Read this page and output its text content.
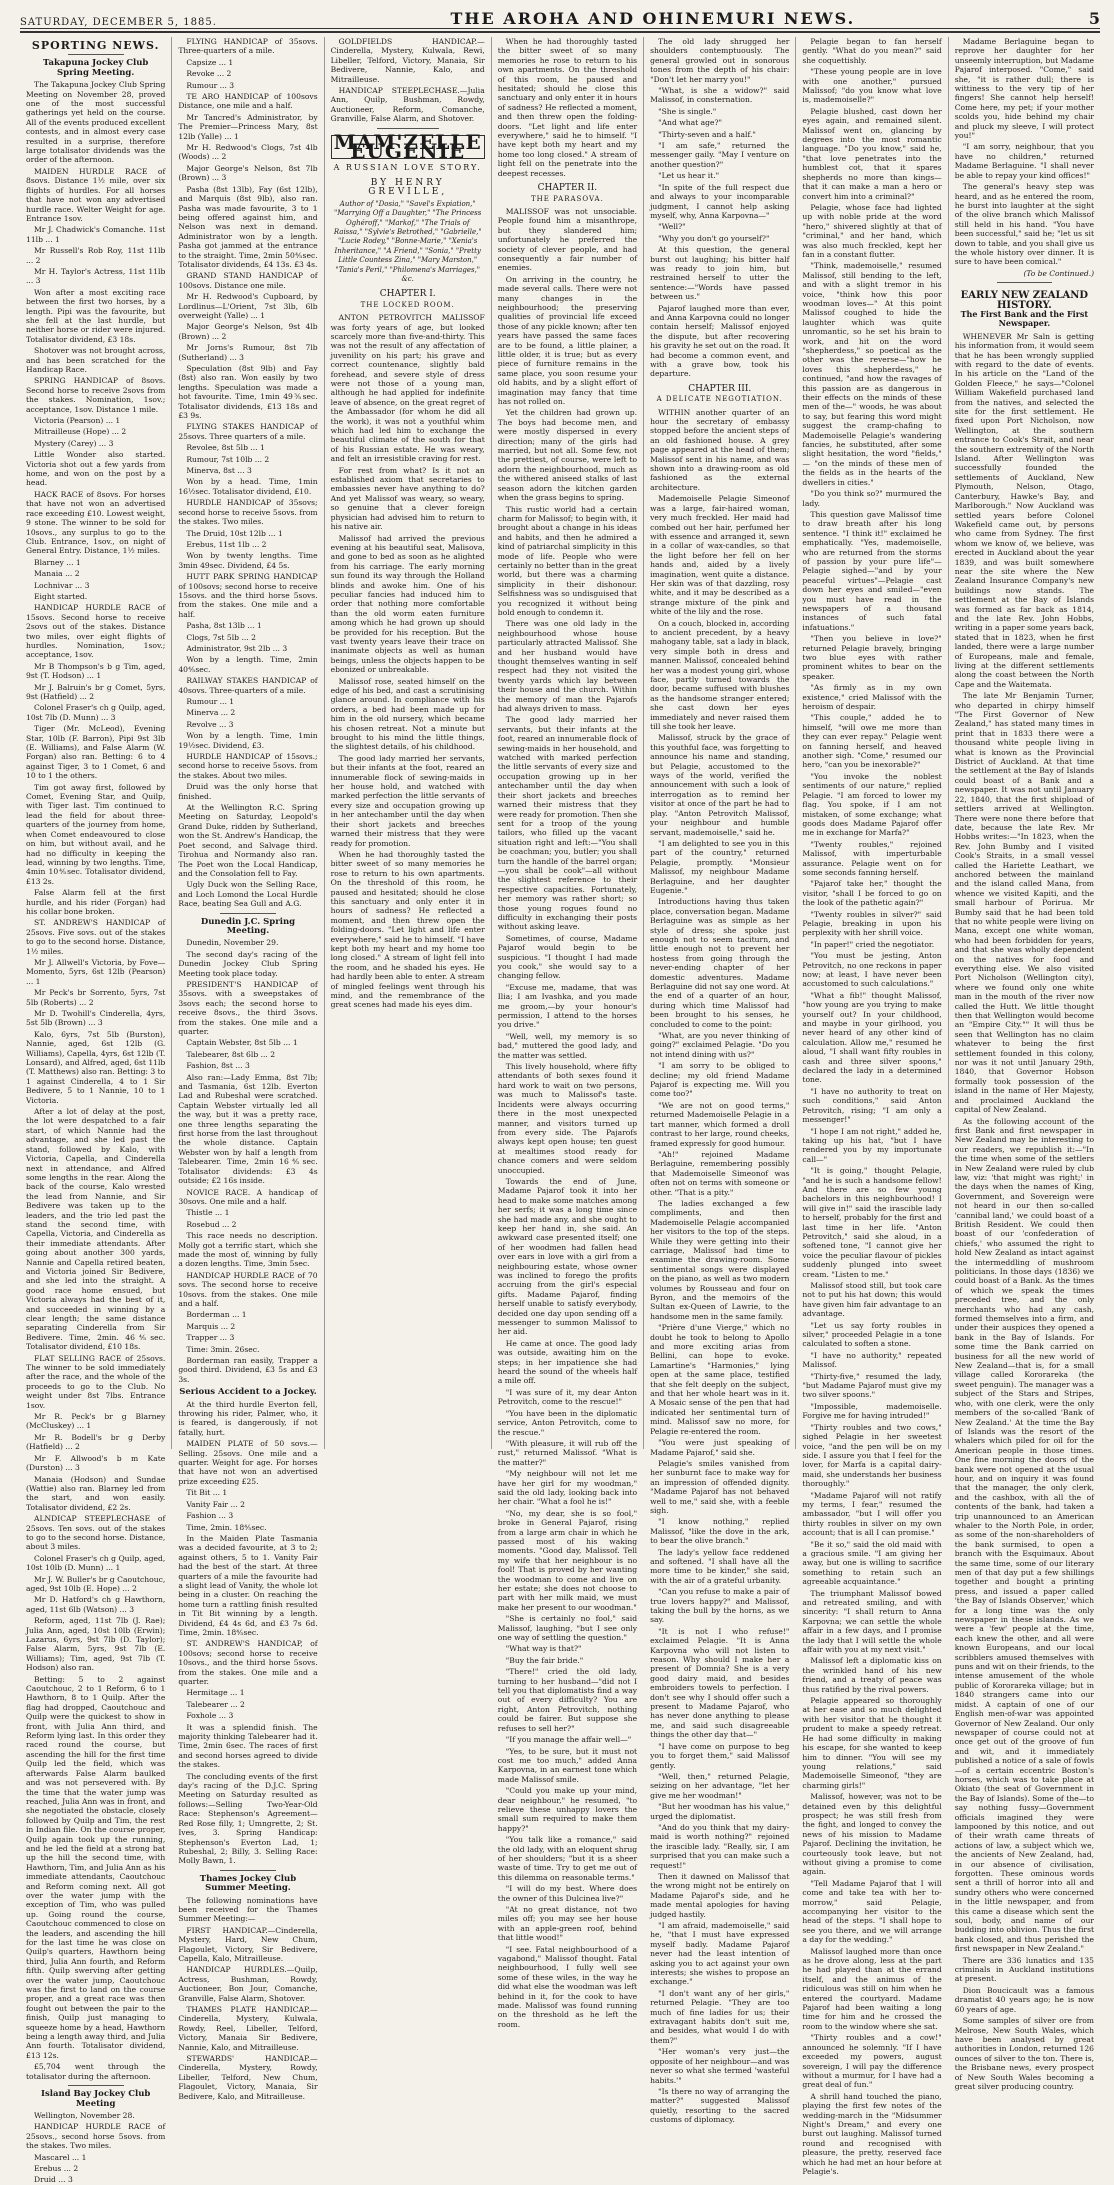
SATURDAY, DECEMBER 5, 1885.	THE AROHA AND OHINEMURI NEWS.	5
SPORTING NEWS.
Takapuna Jockey Club Spring Meeting.

The Takapuna Jockey Club Spring Meeting on November 28, proved one of the most successful gatherings yet held on the course. All of the events produced excellent contests, and in almost every case resulted in a surprise, therefore large totalisator dividends was the order of the afternoon.

MAIDEN HURDLE RACE of 8sovs. Distance 1½ mile, over six flights of hurdles. For all horses that have not won any advertised hurdle race. Welter Weight for age. Entrance 1sov.

Mr J. Chadwick's Comanche. 11st 11lb ... 1

Mr Russell's Rob Roy, 11st 11lb ... 2

Mr H. Taylor's Actress, 11st 11lb ... 3

Won after a most exciting race between the first two horses, by a length. Pipi was the favourite, but she fell at the last hurdle, but neither horse or rider were injured. Totalisator dividend, £3 18s.

Shotover was not brought across, and has been scratched for the Handicap Race.

SPRING HANDICAP of 8sovs. Second horse to receive 2sovs from the stakes. Nomination, 1sov.; acceptance, 1sov. Distance 1 mile.

Victoria (Pearson) ... 1

Mitrailleuse (Hope) ... 2

Mystery (Carey) ... 3

Little Wonder also started. Victoria shot out a few yards from home, and won on the post by a head.

HACK RACE of 8sovs. For horses that have not won an advertised race exceeding £10. Lowest weight, 9 stone. The winner to be sold for 10sovs., any surplus to go to the Club. Entrance, 1sov., on night of General Entry. Distance, 1½ miles.

Blarney ... 1

Manaia ... 2

Lochnivar ... 3

Eight started.

HANDICAP HURDLE RACE of 15sovs. Second horse to receive 2sovs out of the stakes. Distance two miles, over eight flights of hurdles. Nomination, 1sov.; acceptance, 1sov.

Mr B Thompson's b g Tim, aged, 9st (T. Hodson) ... 1

Mr J. Balruin's br g Comet, 5yrs, 9st (Hatfield) ... 2

Colonel Fraser's ch g Quilp, aged, 10st 7lb (D. Munn) ... 3

Tiger (Mr. McLeod), Evening Star, 10lb (F. Barron), Pipi 9st 3lb (E. Williams), and False Alarm (W. Forgan) also ran. Betting: 6 to 4 against Tiger, 3 to 1 Comet, 6 and 10 to 1 the others.

Tim got away first, followed by Comet, Evening Star, and Quilp, with Tiger last. Tim continued to lead the field for about three-quarters of the journey from home, when Comet endeavoured to close on him, but without avail, and he had no difficulty in keeping the lead, winning by two lengths. Time, 4min 10⅘sec. Totalisator dividend, £13 2s.

False Alarm fell at the first hurdle, and his rider (Forgan) had his collar bone broken.

ST. ANDREW'S HANDICAP of 25sovs. Five sovs. out of the stakes to go to the second horse. Distance, 1½ miles.

Mr J. Allwell's Victoria, by Fove—Momento, 5yrs, 6st 12lb (Pearson) ... 1

Mr Peck's br Sorrento, 5yrs, 7st 5lb (Roberts) ... 2

Mr D. Twohill's Cinderella, 4yrs, 5st 5lb (Brown) ... 3

Kalo, 6yrs, 7st 5lb (Burston), Nannie, aged, 6st 12lb (G. Williams), Capella, 4yrs, 6st 12lb (T. Lonsard), and Alfred, aged, 6st 11lb (T. Matthews) also ran. Betting: 3 to 1 against Cinderella, 4 to 1 Sir Bedivere, 5 to 1 Nannie, 10 to 1 Victoria.

After a lot of delay at the post, the lot were despatched to a fair start, of which Nannie had the advantage, and she led past the stand, followed by Kalo, with Victoria, Capella, and Cinderella next in attendance, and Alfred some lengths in the rear. Along the back of the course, Kalo wrested the lead from Nannie, and Sir Bedivere was taken up to the leaders, and the trio led past the stand the second time, with Capella, Victoria, and Cinderella as their immediate attendants. After going about another 300 yards, Nannie and Capella retired beaten, and Victoria joined Sir Bedivere, and she led into the straight. A good race home ensued, but Victoria always had the best of it, and succeeded in winning by a clear length; the same distance separating Cinderella from Sir Bedivere. Time, 2min. 46⅘sec. Totalisator dividend, £10 18s.

FLAT SELLING RACE of 25sovs. The winner to be sold immediately after the race, and the whole of the proceeds to go to the Club. No weight under 8st 7lbs. Entrance 1sov.

Mr R. Peck's br g Blarney (McCluskey) ... 1

Mr R. Bodell's br g Derby (Hatfield) ... 2

Mr F. Allwood's b m Kate (Durston) ... 3

Manaia (Hodson) and Sundae (Wattie) also ran. Blarney led from the start, and won easily. Totalisator dividend, £2 2s.

ALNDICAP STEEPLECHASE of 25sovs. Ten sovs. out of the stakes to go to the second horse. Distance, about 3 miles.

Colonel Fraser's ch g Quilp, aged, 10st 10lb (D. Munn) ... 1

Mr J. W. Buller's br g Caoutchouc, aged, 9st 10lb (E. Hope) ... 2

Mr D. Hatford's ch g Hawthorn, aged, 11st 6lb (Watson) ... 3

Reform, aged, 11st 7lb (J. Rae); Julia Ann, aged, 10st 10lb (Erwin); Lazarus, 6yrs, 9st 7lb (D. Taylor); False Alarm, 5yrs, 9st 7lb (E. Williams); Tim, aged, 9st 7lb (T. Hodson) also ran.

Betting: 5 to 2 against Caoutchouc, 2 to 1 Reform, 6 to 1 Hawthorn, 8 to 1 Quilp. After the flag had dropped, Caoutchouc and Quilp were the quickest to show in front, with Julia Ann third, and Reform lying last. In this order they raced round the course, but ascending the hill for the first time Quilp led the field, which was afterwards False Alarm baulked and was not persevered with. By the time that the water jump was reached, Julia Ann was in front, and she negotiated the obstacle, closely followed by Quilp and Tim, the rest in Indian file. On the course proper, Quilp again took up the running, and he led the field at a strong bat up the hill the second time, with Hawthorn, Tim, and Julia Ann as his immediate attendants, Caoutchouc and Reform coming next. All got over the water jump with the exception of Tim, who was pulled up. Going round the course, Caoutchouc commenced to close on the leaders, and ascending the hill for the last time he was close on Quilp's quarters, Hawthorn being third, Julia Ann fourth, and Reform fifth. Quilp swerving after getting over the water jump, Caoutchouc was the first to land on the course proper, and a great race was then fought out between the pair to the finish, Quilp just managing to squeeze home by a head, Hawthorn being a length away third, and Julia Ann fourth. Totalisator dividend, £13 12s.

£5,704 went through the totalisator during the afternoon.

Island Bay Jockey Club Meeting

Wellington, November 28.

HANDICAP HURDLE RACE of 25sovs., second horse 5sovs. from the stakes. Two miles.

Mascarel ... 1

Erebus ... 2

Druid ... 3

FLYING HANDICAP of 35sovs. Three-quarters of a mile.

Capsize ... 1

Revoke ... 2

Rumour ... 3

TE ARO HANDICAP of 100sovs Distance, one mile and a half.

Mr Tancred's Administrator, by The Premier—Princess Mary, 8st 12lb (Yalle) ... 1

Mr H. Redwood's Clogs, 7st 4lb (Woods) ... 2

Major George's Nelson, 8st 7lb (Brown) ... 3

Pasha (8st 13lb), Fay (6st 12lb), and Marquis (8st 9lb), also ran. Pasha was made favourite, 3 to 1 being offered against him, and Nelson was next in demand. Administrator won by a length. Pasha got jammed at the entrance to the straight. Time, 2min 50⅘sec. Totalisator dividends, £4 13s. £3 4s.

GRAND STAND HANDICAP of 100sovs. Distance one mile.

Mr H. Redwood's Cupboard, by Lordlinus—L'Orient, 7st 3lb, 6lb overweight (Yalle) ... 1

Major George's Nelson, 9st 4lb (Brown) ... 2

Mr Jorns's Rumour, 8st 7lb (Sutherland) ... 3

Speculation (8st 9lb) and Fay (8st) also ran. Won easily by two lengths. Speculation was made a hot favourite. Time, 1min 49⅗sec. Totalisator dividends, £13 18s and £3 9s.

FLYING STAKES HANDICAP of 25sovs. Three quarters of a mile.

Revolee, 8st 5lb ... 1

Rumour, 7st 10lb ... 2

Minerva, 8st ... 3

Won by a head. Time, 1min 16½sec. Totalisator dividend, £10.

HURDLE HANDICAP of 35sovs; second horse to receive 5sovs. from the stakes. Two miles.

The Druid, 10st 12lb ... 1

Erebus, 11st 1lb ... 2

Won by twenty lengths. Time 3min 49sec. Dividend, £4 5s.

HUTT PARK SPRING HANDICAP of 100sovs; second horse to receive 15sovs. and the third horse 5sovs. from the stakes. One mile and a half.

Pasha, 8st 13lb ... 1

Clogs, 7st 5lb ... 2

Administrator, 9st 2lb ... 3

Won by a length. Time, 2min 40⅘sec.

RAILWAY STAKES HANDICAP of 40sovs. Three-quarters of a mile.

Rumour ... 1

Minerva ... 2

Revolve ... 3

Won by a length. Time, 1min 19½sec. Dividend, £3.

HURDLE HANDICAP of 15sovs.; second horse to receive 5sovs. from the stakes. About two miles.

Druid was the only horse that finished.

At the Wellington R.C. Spring Meeting on Saturday, Leopold's Grand Duke, ridden by Sutherland, won the St. Andrew's Handicap, the Poet second, and Salvage third. Tirohua and Normandy also ran. The Poet won the Local Handicap, and the Consolation fell to Fay.

Ugly Duck won the Selling Race, and Loch Lomond the Local Hurdle Race, beating Sea Gull and A.G.

Dunedin J.C. Spring Meeting.

Dunedin, November 29.

The second day's racing of the Dunedin Jockey Club Spring Meeting took place today.

PRESIDENT'S HANDICAP of 35sovs. with a sweepstakes of 3sovs each; the second horse to receive 8sovs., the third 3sovs. from the stakes. One mile and a quarter.

Captain Webster, 8st 5lb ... 1

Talebearer, 8st 6lb ... 2

Fashion, 8st ... 3

Also ran:—Lady Emma, 8st 7lb; and Tasmania, 6st 12lb. Everton Lad and Rubeshal were scratched. Captain Webster virtually led all the way, but it was a pretty race, one three lengths separating the first horse from the last throughout the whole distance. Captain Webster won by half a length from Talebearer. Time, 2min 16⅘sec. Totalisator dividends: £3 4s outside; £2 16s inside.

NOVICE RACE. A handicap of 30sovs. One mile and a half.

Thistle ... 1

Rosebud ... 2

This race needs no description. Molly got a terrific start, which she made the most of, winning by fully a dozen lengths. Time, 3min 5sec.

HANDICAP HURDLE RACE of 70 sovs. The second horse to receive 10sovs. from the stakes. One mile and a half.

Borderman ... 1

Marquis ... 2

Trapper ... 3

Time: 3min. 26sec.

Borderman ran easily, Trapper a good third. Dividend, £3 5s and £3 3s.

Serious Accident to a Jockey.

At the third hurdle Everton fell, throwing his rider, Palmer, who, it is feared, is dangerously, if not fatally, hurt.

MAIDEN PLATE of 50 sovs.—Selling. 25sovs. One mile and a quarter. Weight for age. For horses that have not won an advertised prize exceeding £25.

Tit Bit ... 1

Vanity Fair ... 2

Fashion ... 3

Time, 2min. 18⅘sec.

In the Maiden Plate Tasmania was a decided favourite, at 3 to 2; against others, 5 to 1. Vanity Fair had the best of the start. At three quarters of a mile the favourite had a slight lead of Vanity, the whole lot being in a cluster. On reaching the home turn a rattling finish resulted in Tit Bit winning by a length. Dividend, £4 4s 6d, and £3 7s 6d. Time, 2min. 18⅘sec.

ST. ANDREW'S HANDICAP, of 100sovs; second horse to receive 10sovs., and the third horse 5sovs. from the stakes. One mile and a quarter.

Hermitage ... 1

Talebearer ... 2

Foxhole ... 3

It was a splendid finish. The majority thinking Talebearer had it. Time, 2min 6sec. The races of first and second horses agreed to divide the stakes.

The concluding events of the first day's racing of the D.J.C. Spring Meeting on Saturday resulted as follows:—Selling Two-Year-Old Race: Stephenson's Agreement—Red Rose filly, 1; Umngrette, 2; St. Ives, 3. Spring Handicap: Stephenson's Everton Lad, 1; Rubeshal, 2; Billy, 3. Selling Race: Molly Bawn, 1.

Thames Jockey Club Summer Meeting.

The following nominations have been received for the Thames Summer Meeting:—

FIRST HANDICAP.—Cinderella, Mystery, Hard, New Chum, Flagoulet, Victory, Sir Bedivere, Capella, Kalo, Mitrailleuse.

HANDICAP HURDLES.—Quilp, Actress, Bushman, Rowdy, Auctioneer, Bon Jour, Comanche, Granville, False Alarm, Shotover.

THAMES PLATE HANDICAP.—Cinderella, Mystery, Kulwala, Rowdy, Reel, Libeller, Telford, Victory, Manaia Sir Bedivere, Nannie, Kalo, and Mitrailleuse.

STEWARDS' HANDICAP.—Cinderella, Mystery, Rowdy, Libeller, Telford, New Chum, Flagoulet, Victory, Manaia, Sir Bedivere, Kalo, and Mitrailleuse.

GOLDFIELDS HANDICAP.—Cinderella, Mystery, Kulwala, Rewi, Libeller, Telford, Victory, Manaia, Sir Bedivere, Nannie, Kalo, and Mitrailleuse.

HANDICAP STEEPLECHASE.—Julia Ann, Quilp, Bushman, Rowdy, Auctioneer, Reform, Comanche, Granville, False Alarm, and Shotover.

MAM'ZELLE EUGENIE
A RUSSIAN LOVE STORY.
BY HENRY GREVILLE,
Author of "Dosia," "Savel's Expiation," "Marrying Off a Daughter," "The Princess Oghéroff," "Markof," "The Trials of Raissa," "Sylvie's Betrothed," "Gabrielle," "Lucie Rodey," "Bonne-Marie," "Xenia's Inheritance," "A Friend," "Sonia," "Pretty Little Countess Zina," "Mary Marston," "Tania's Peril," "Philomena's Marriages," &c.
CHAPTER I.
THE LOCKED ROOM.

ANTON PETROVITCH MALISSOF was forty years of age, but looked scarcely more than five-and-thirty. This was not the result of any affectation of juvenility on his part; his grave and correct countenance, slightly bald forehead, and severe style of dress were not those of a young man, although he had applied for indefinite leave of absence, on the great regret of the Ambassador (for whom he did all the work), it was not a youthful whim which had led him to exchange the beautiful climate of the south for that of his Russian estate. He was weary, and felt an irresistible craving for rest.

For rest from what? Is it not an established axiom that secretaries to embassies never have anything to do? And yet Malissof was weary, so weary, so genuine that a clever foreign physician had advised him to return to his native air.

Malissof had arrived the previous evening at his beautiful seat, Malisova, and gone to bed as soon as he alighted from his carriage. The early morning sun found its way through the Holland blinds and awoke him. One of his peculiar fancies had induced him to order that nothing more comfortable than the old worm eaten furniture among which he had grown up should be provided for his reception. But the vast twenty years leave their trace on inanimate objects as well as human beings, unless the objects happen to be ebonized or unbreakable.

Malissof rose, seated himself on the edge of his bed, and cast a scrutinising glance around. In compliance with his orders, a bed had been made up for him in the old nursery, which became his chosen retreat. Not a minute but brought to his mind the little things, the slightest details, of his childhood.

The good lady married her servants, but their infants at the foot, reared an innumerable flock of sewing-maids in her house hold, and watched with marked perfection the little servants of every size and occupation growing up in her antechamber until the day when their short jackets and breeches warned their mistress that they were ready for promotion.

When he had thoroughly tasted the bitter sweet of so many memories he rose to return to his own apartments. On the threshold of this room, he paused and hesitated; should he close this sanctuary and only enter it in hours of sadness? He reflected a moment, and then threw open the folding-doors. "Let light and life enter everywhere," said he to himself. "I have kept both my heart and my home too long closed." A stream of light fell into the room, and he shaded his eyes. He had hardly been able to enter. A stream of mingled feelings went through his mind, and the remembrance of the great scenes had made his eyes dim.

When he had thoroughly tasted the bitter sweet of so many memories he rose to return to his own apartments. On the threshold of this room, he paused and hesitated; should he close this sanctuary and only enter it in hours of sadness? He reflected a moment, and then threw open the folding-doors. "Let light and life enter everywhere," said he to himself. "I have kept both my heart and my home too long closed." A stream of light fell on the penetrate into the deepest recesses.

CHAPTER II.
THE PARASOVA.

MALISSOF was not unsociable. People found him a misanthrope, but they slandered him; unfortunately he preferred the society of clever people, and had consequently a fair number of enemies.

On arriving in the country, he made several calls. There were not many changes in the neighbourhood; the preserving qualities of provincial life exceed those of any pickle known; after ten years have passed the same faces are to be found, a little plainer, a little older, it is true; but as every piece of furniture remains in the same place, you soon resume your old habits, and by a slight effort of imagination may fancy that time has not rolled on.

Yet the children had grown up. The boys had become men, and were mostly dispersed in every direction; many of the girls had married, but not all. Some few, not the prettiest, of course, were left to adorn the neighbourhood, much as the withered aniseed stalks of last season adorn the kitchen garden when the grass begins to spring.

This rustic world had a certain charm for Malissof; to begin with, it brought about a change in his ideas and habits, and then he admired a kind of patriarchal simplicity in this mode of life. People who were certainly no better than in the great world, but there was a charming simplicity in their dishonour. Selfishness was so undisguised that you recognized it without being bold enough to condemn it.

There was one old lady in the neighbourhood whose house particularly attracted Malissof. She and her husband would have thought themselves wanting in self respect had they not visited the twenty yards which lay between their house and the church. Within the memory of man the Pajarofs had always driven to mass.

The good lady married her servants, but their infants at the foot, reared an innumerable flock of sewing-maids in her household, and watched with marked perfection the little servants of every size and occupation growing up in her antechamber until the day when their short jackets and breeches warned their mistress that they were ready for promotion. Then she sent for a troop of the young tailors, who filled up the vacant situation right and left:—"You shall be coachman; you, butler; you shall turn the handle of the barrel organ;—you shall be cook"—all without the slightest reference to their respective capacities. Fortunately, her memory was rather short; so those young rogues found no difficulty in exchanging their posts without asking leave.

Sometimes, of course, Madame Pajarof would begin to be suspicious. "I thought I had made you cook," she would say to a changing fellow.

"Excuse me, madame, that was Ilia; I am Ivashka, and you made me groom,—by your honour's permission, I attend to the horses you drive."

"Well, well, my memory is so bad," muttered the good lady, and the matter was settled.

This lively household, where fifty attendants of both sexes found it hard work to wait on two persons, was much to Malissof's taste. Incidents were always occurring there in the most unexpected manner, and visitors turned up from every side. The Pajarofs always kept open house; ten guest at mealtimes stood ready for chance comers and were seldom unoccupied.

Towards the end of June, Madame Pajarof took it into her head to make some matches among her serfs; it was a long time since she had made any, and she ought to keep her hand in, she said. An awkward case presented itself; one of her woodmen had fallen head over ears in love with a girl from a neighbouring estate, whose owner was inclined to forego the profits accruing from the girl's especial gifts. Madame Pajarof, finding herself unable to satisfy everybody, decided one day upon sending off a messenger to summon Malissof to her aid.

He came at once. The good lady was outside, awaiting him on the steps; in her impatience she had heard the sound of the wheels half a mile off.

"I was sure of it, my dear Anton Petrovitch, come to the rescue!"

"You have been in the diplomatic service, Anton Petrovitch, come to the rescue."

"With pleasure, it will rub off the rust," returned Malissof. "What is the matter?"

"My neighbour will not let me have her girl for my woodman," said the old lady, looking back into her chair. "What a fool he is!"

"No, my dear, she is so fool," broke in General Pajarof, rising from a large arm chair in which he passed most of his waking moments. "Good day, Malissof. Tell my wife that her neighbour is no fool! That is proved by her wanting the woodman to come and live on her estate; she does not choose to part with her milk maid, we must make her present to our woodman."

"She is certainly no fool," said Malissof, laughing, "but I see only one way of settling the question."

"What way is that?"

"Buy the fair bride."

"There!" cried the old lady, turning to her husband—"did not I tell you that diplomatists find a way out of every difficulty? You are right, Anton Petrovitch, nothing could be fairer. But suppose she refuses to sell her?"

"If you manage the affair well—"

"Yes, to be sure, but it must not cost me too much," added Anna Karpovna, in an earnest tone which made Malissof smile.

"Could you make up your mind, dear neighbour," he resumed, "to relieve these unhappy lovers the small sum required to make them happy?"

"You talk like a romance," said the old lady, with an eloquent shrug of her shoulders; "but it is a sheer waste of time. Try to get me out of this dilemma on reasonable terms."

"I will do my best. Where does the owner of this Dulcinea live?"

"At no great distance, not two miles off; you may see her house with an apple-green roof, behind that little wood!"

"I see. Fatal neighbourhood of a vagabond," Malissof thought. Fatal neighbourhood, I fully well see some of these wiles, in the way he did what else the woodman was left behind in it, for the cook to have made. Malissof was found running on the threshold as he left the room.

The old lady shrugged her shoulders contemptuously. The general growled out in sonorous tones from the depth of his chair: "Don't let her marry you!"

"What, is she a widow?" said Malissof, in consternation.

"She is single."

"And what age?"

"Thirty-seven and a half."

"I am safe," returned the messenger gaily. "May I venture on another question?"

"Let us hear it."

"In spite of the full respect due and always to your incomparable judgment, I cannot help asking myself, why, Anna Karpovna—"

"Well?"

"Why you don't go yourself?"

At this question, the general burst out laughing; his bitter half was ready to join him, but restrained herself to utter the sentence:—"Words have passed between us."

Pajarof laughed more than ever, and Anna Karpovna could no longer contain herself; Malissof enjoyed the dispute, but after recovering his gravity he set out on the road. It had become a common event, and with a grave bow, took his departure.

CHAPTER III.
A DELICATE NEGOTIATION.

WITHIN another quarter of an hour the secretary of embassy stopped before the ancient steps of an old fashioned house. A grey page appeared at the head of them; Malissof sent in his name, and was shown into a drawing-room as old fashioned as the external architecture.

Mademoiselle Pelagie Simeonof was a large, fair-haired woman, very much freckled. Her maid had combed out her hair, perfumed her with essence and arranged it, sewn in a collar of wax-candles, so that the light before her fell on her hands and, aided by a lively imagination, went quite a distance. Her skin was of that dazzling, rosy white, and it may be described as a strange mixture of the pink and white of the lily and the rose.

On a couch, blocked in, according to ancient precedent, by a heavy mahogany table, sat a lady in black, very simple both in dress and manner. Malissof, concealed behind her was a modest young girl, whose face, partly turned towards the door, became suffused with blushes as the handsome stranger entered; she cast down her eyes immediately and never raised them till she took her leave.

Malissof, struck by the grace of this youthful face, was forgetting to announce his name and standing, but Pelagie, accustomed to the ways of the world, verified the announcement with such a look of interrogation as to remind her visitor at once of the part he had to play. "Anton Petrovitch Malissof, your neighbour and humble servant, mademoiselle," said he.

"I am delighted to see you in this part of the country," returned Pelagie, promptly. "Monsieur Malissof, my neighbour Madame Berlaguine, and her daughter Eugenie."

Introductions having thus taken place, conversation began. Madame Berlaguine was as simple as her style of dress; she spoke just enough not to seem taciturn, and little enough not to prevent her hostess from going through the never-ending chapter of her domestic adventures. Madame Berlaguine did not say one word. At the end of a quarter of an hour, during which time Malissof had been brought to his senses, he concluded to come to the point:

"What, are you never thinking of going?" exclaimed Pelagie. "Do you not intend dining with us?"

"I am sorry to be obliged to decline; my old friend Madame Pajarof is expecting me. Will you come too?"

"We are not on good terms," returned Mademoiselle Pelagie in a tart manner, which formed a droll contrast to her large, round cheeks, framed expressly for good humour.

"Ah!" rejoined Madame Berlaguine, remembering possibly that Mademoiselle Simeonof was often not on terms with someone or other. "That is a pity."

The ladies exchanged a few compliments, and then Mademoiselle Pelagie accompanied her visitors to the top of the steps. While they were getting into their carriage, Malissof had time to examine the drawing-room. Some sentimental songs were displayed on the piano, as well as two modern volumes by Rousseau and four on Byron, and the memoirs of the Sultan ex-Queen of Lawrie, to the handsome men in the same family.

"Prière d'une Vierge," which no doubt he took to belong to Apollo and more exciting arias from Bellini, can hope to evoke. Lamartine's "Harmonies," lying open at the same place, testified that she felt deeply on the subject, and that her whole heart was in it. A Mosaic sense of the pen that had indicated her sentimental turn of mind. Malissof saw no more, for Pelagie re-entered the room.

"You were just speaking of Madame Pajarof," said she.

Pelagie's smiles vanished from her sunburnt face to make way for an impression of offended dignity. "Madame Pajarof has not behaved well to me," said she, with a feeble sigh.

"I know nothing," replied Malissof, "like the dove in the ark, to bear the olive branch."

The lady's yellow face reddened and softened. "I shall have all the more time to be kinder," she said, with the air of a grateful urbanity.

"Can you refuse to make a pair of true lovers happy?" and Malissof, taking the bull by the horns, as we say.

"It is not I who refuse!" exclaimed Pelagie. "It is Anna Karpovna who will not listen to reason. Why should I make her a present of Domnia? She is a very good dairy maid, and besides embroiders towels to perfection. I don't see why I should offer such a present to Madame Pajarof, who has never done anything to please me, and said such disagreeable things the other day that—"

"I have come on purpose to beg you to forget them," said Malissof gently.

"Well, then," returned Pelagie, seizing on her advantage, "let her give me her woodman!"

"But her woodman has his value," urged the diplomatist.

"And do you think that my dairy-maid is worth nothing?" rejoined the irascible lady. "Really, sir, I am surprised that you can make such a request!"

Then it dawned on Malissof that the wrong might not be entirely on Madame Pajarof's side, and he made mental apologies for having judged hastily.

"I am afraid, mademoiselle," said he, "that I must have expressed myself badly. Madame Pajarof never had the least intention of asking you to act against your own interests; she wishes to propose an exchange."

"I don't want any of her girls," returned Pelagie. "They are too much of fine ladies for us; their extravagant habits don't suit me, and besides, what would I do with them?"

"Her woman's very just—the opposite of her neighbour—and was never so what she termed 'wasteful habits.'"

"Is there no way of arranging the matter?" suggested Malissof quietly, resorting to the sacred customs of diplomacy.

Pelagie began to fan herself gently. "What do you mean?" said she coquettishly.

"These young people are in love with one another," pursued Malissof; "do you know what love is, mademoiselle?"

Pelagie blushed, cast down her eyes again, and remained silent. Malissof went on, glancing by degrees into the most romantic language. "Do you know," said he, "that love penetrates into the humblest cot, that it spares shepherds no more than kings—that it can make a man a hero or convert him into a criminal?"

Pelagie, whose face had lighted up with noble pride at the word "hero," shivered slightly at that of "criminal," and her hand, which was also much freckled, kept her fan in a constant flutter.

"Think, mademoiselle," resumed Malissof, still bending to the left, and with a slight tremor in his voice, "think how this poor woodman loves—" At this point Malissof coughed to hide the laughter which was quite unromantic, so he set his brain to work, and hit on the word "shepherdess," so poetical as the other was the reverse—"how he loves this shepherdess," he continued, "and how the ravages of this passion are as dangerous in their effects on the minds of these men of the—" woods, he was about to say, but fearing this word might suggest the cramp-chafing to Mademoiselle Pelagie's wandering fancies, he substituted, after some slight hesitation, the word "fields," — "on the minds of these men of the fields as in the hearts of the dwellers in cities."

"Do you think so?" murmured the lady.

This question gave Malissof time to draw breath after his long sentence. "I think it!" exclaimed he emphatically. "Yes, mademoiselle, who are returned from the storms of passion by your pure life"—Pelagie sighed—"and by your peaceful virtues"—Pelagie cast down her eyes and smiled—"even you must have read in the newspapers of a thousand instances of such fatal infatuations."

"Then you believe in love?" returned Pelagie bravely, bringing two blue eyes with rather prominent whites to bear on the speaker.

"As firmly as in my own existence," cried Malissof with the heroism of despair.

"This couple," added he to himself, "will owe me more than they can ever repay." Pelagie went on fanning herself, and heaved another sigh. "Come," resumed our hero, "can you be inexorable?"

"You invoke the noblest sentiments of our nature," replied Pelagie. "I am forced to lower my flag. You spoke, if I am not mistaken, of some exchange; what goods does Madame Pajarof offer me in exchange for Marfa?"

"Twenty roubles," rejoined Malissof, with imperturbable assurance. Pelagie went on for some seconds fanning herself.

"Pajarof take her," thought the visitor, "shall I be forced to go on the look of the pathetic again?"

"Twenty roubles in silver?" said Pelagie, breaking in upon his perplexity with her shrill voice.

"In paper!" cried the negotiator.

"You must be jesting, Anton Petrovitch, no one reckons in paper now; at least, I have never been accustomed to such calculations."

"What a fib!" thought Malissof, "how young are you trying to make yourself out? In your childhood, and maybe in your girlhood, you never heard of any other kind of calculation. Allow me," resumed he aloud, "I shall want fifty roubles in cash and three silver spoons," declared the lady in a determined tone.

"I have no authority to treat on such conditions," said Anton Petrovitch, rising; "I am only a messenger!"

"I hope I am not right," added he, taking up his hat, "but I have rendered you by my importunate call—"

"It is going," thought Pelagie, "and he is such a handsome fellow! And there are so few young bachelors in this neighbourhood! I will give in!" said the irascible lady to herself, probably for the first and last time in her life. "Anton Petrovitch," said she aloud, in a softened tone, "I cannot give her voice the peculiar flavour of pickles suddenly plunged into sweet cream. "Listen to me."

Malissof stood still, but took care not to put his hat down; this would have given him fair advantage to an advantage.

"Let us say forty roubles in silver," proceeded Pelagie in a tone calculated to soften a stone.

"I have no authority," repeated Malissof.

"Thirty-five," resumed the lady, "but Madame Pajarof must give my two silver spoons."

"Impossible, mademoiselle. Forgive me for having intruded!"

"Thirty roubles and two cows," sighed Pelagie in her sweetest voice, "and the pen will be on my side. I assure you that I feel for the lover, for Marfa is a capital dairy-maid, she understands her business thoroughly."

"Madame Pajarof will not ratify my terms, I fear," resumed the ambassador, "but I will offer you thirty roubles in silver on my own account; that is all I can promise."

"Be it so," said the old maid with a gracious smile. "I am giving her away, but one is willing to sacrifice something to retain such an agreeable acquaintance."

The triumphant Malissof bowed and retreated smiling, and with sincerity: "I shall return to Anna Karpovna; we can settle the whole affair in a few days, and I promise the lady that I will settle the whole affair with you at my next visit."

Malissof left a diplomatic kiss on the wrinkled hand of his new friend, and a treaty of peace was thus ratified by the rival powers.

Pelagie appeared so thoroughly at her ease and so much delighted with her visitor that he thought it prudent to make a speedy retreat. He had some difficulty in making his escape, for she wanted to keep him to dinner. "You will see my young relations," said Mademoiselle Simeonof, "they are charming girls!"

Malissof, however, was not to be detained even by this delightful prospect; he was still fresh from the fight, and longed to convey the news of his mission to Madame Pajarof. Declining the invitation, he courteously took leave, but not without giving a promise to come again.

"Tell Madame Pajarof that I will come and take tea with her to-morrow," said Pelagie, accompanying her visitor to the head of the steps. "I shall hope to see you there, and we will arrange a day for the wedding."

Malissof laughed more than once as he drove along, less at the part he had played than at the errand itself, and the animus of the ridiculous was still on him when he entered the courtyard. Madame Pajarof had been waiting a long time for him and he crossed the room to the window where she sat.

"Thirty roubles and a cow!" announced he solemnly. "If I have exceeded my powers, august sovereign, I will pay the difference without a murmur, for I have had a great deal of fun."

A shrill hand touched the piano, playing the first few notes of the wedding-march in the "Midsummer Night's Dream," and every one burst out laughing. Malissof turned round and recognised with pleasure, the pretty, reserved face which he had met an hour before at Pelagie's.

Madame Berlaguine began to reprove her daughter for her unseemly interruption, but Madame Pajarof interposed. "Come," said she, "it is rather dull; there is wittiness to the very tip of her fingers! She cannot help herself! Come here, my pet; if your mother scolds you, hide behind my chair and pluck my sleeve, I will protect you!"

"I am sorry, neighbour, that you have no children," returned Madame Berlaguine. "I shall never be able to repay your kind offices!"

The general's heavy step was heard, and as he entered the room, he burst into laughter at the sight of the olive branch which Malissof still held in his hand. "You have been successful," said he; "let us sit down to table, and you shall give us the whole history over dinner. It is sure to have been comical."

(To be Continued.)
EARLY NEW ZEALAND HISTORY.
The First Bank and the First Newspaper.

WHENEVER Mr Saln is getting his information from, it would seem that he has been wrongly supplied with regard to the date of events. In his article on the "Land of the Golden Fleece," he says—"Colonel William Wakefield purchased land from the natives, and selected the site for the first settlement. He fixed upon Port Nicholson, now Wellington, at the southern entrance to Cook's Strait, and near the southern extremity of the North Island. After Wellington was successfully founded the settlements of Auckland, New Plymouth, Nelson, Otago, Canterbury, Hawke's Bay, and Marlborough." Now Auckland was settled years before Colonel Wakefield came out, by persons who came from Sydney. The first whom we know of, we believe, was erected in Auckland about the year 1839, and was built somewhere near the site where the New Zealand Insurance Company's new buildings now stands. The settlement at the Bay of Islands was formed as far back as 1814, and the late Rev. John Hobbs, writing in a paper some years back, stated that in 1823, when he first landed, there were a large number of Europeans, male and female, living at the different settlements along the coast between the North Cape and the Waitemata.

The late Mr Benjamin Turner, who departed in chirpy himself "The First Governor of New Zealand," has stated many times in print that in 1833 there were a thousand white people living in what is known as the Provincial District of Auckland. At that time the settlement at the Bay of Islands could boast of a Bank and a newspaper. It was not until January 22, 1840, that the first shipload of settlers arrived at Wellington. There were none there before that date, because the late Rev. Mr Hobbs writes:—"In 1823, when the Rev. John Bumby and I visited Cook's Straits, in a small vessel called the Hariette Leathart, we anchored between the mainland and the island called Mana, from whence we visited Kapiti, and the small harbour of Porirua. Mr Bumby said that he had been told that no white people were living on Mana, except one white woman, who had been forbidden for years, and that she was wholly dependent on the natives for food and everything else. We also visited Port Nicholson (Wellington city), where we found only one white man in the mouth of the river now called the Hutt. We little thought then that Wellington would become an "Empire City."" It will thus be seen that Wellington has no claim whatever to being the first settlement founded in this colony, nor was it not until January 29th, 1840, that Governor Hobson formally took possession of the island in the name of Her Majesty, and proclaimed Auckland the capital of New Zealand.

As the following account of the first Bank and first newspaper in New Zealand may be interesting to our readers, we republish it:—"In the time when some of the settlers in New Zealand were ruled by club law, viz: 'that might was right;' in the days when the names of King, Government, and Sovereign were not heard in our then so-called 'cannibal land,' we could boast of a British Resident. We could then boast of our 'confederation of chiefs,' who assumed the right to hold New Zealand as intact against the intermeddling of mushroom politicians. In those days (1836) we could boast of a Bank. As the times of which we speak the times preceded tree, and the only merchants who had any cash, formed themselves into a firm, and under their auspices they opened a bank in the Bay of Islands. For some time the Bank carried on business for all the new world of New Zealand—that is, for a small village called Kororareka (the sweet penguin). The manager was a subject of the Stars and Stripes, who, with one clerk, were the only members of the so-called 'Bank of New Zealand.' At the time the Bay of Islands was the resort of the whalers which piled for oil for the American people in those times. One fine morning the doors of the bank were not opened at the usual hour, and on inquiry it was found that the manager, the only clerk, and the cashbox, with all the of contents of the bank, had taken a trip unannounced to an American whaler to the North Pole, in order, as some of the non-shareholders of the bank surmised, to open a branch with the Esquimaux. About the same time, some of our literary men of that day put a few shillings together and bought a printing press, and issued a paper called 'the Bay of Islands Observer,' which for a long time was the only newspaper in these islands. As we were a 'few' people at the time, each knew the other, and all were known Europeans, and our local scribblers amused themselves with puns and wit on their friends, to the intense amusement of the whole public of Kororareka village; but in 1840 strangers came into our midst. A captain of one of our English men-of-war was appointed Governor of New Zealand. Our only newspaper of course could not at once get out of the groove of fun and wit, and it immediately published a notice of a sale of fowls—of a certain eccentric Boston's horses, which was to take place at Okiato (the seat of Government in the Bay of Islands). Some of the—to say nothing fussy—Government officials imagined they were lampooned by this notice, and out of their wrath came threats of actions of law, a subject which we, the ancients of New Zealand, had, in our absence of civilisation, forgotten. These ominous words sent a thrill of horror into all and sundry others who were concerned in the little newspaper, and from this came a disease which sent the soul, body, and name of our budding into oblivion. Thus the first bank closed, and thus perished the first newspaper in New Zealand."

There are 336 lunatics and 135 criminals in Auckland institutions at present.

Dion Boucicault was a famous dramatist 40 years ago; he is now 60 years of age.

Some samples of silver ore from Melrose, New South Wales, which have been analysed by great authorities in London, returned 126 ounces of silver to the ton. There is, the Brisbane news, every prospect of New South Wales becoming a great silver producing country.
